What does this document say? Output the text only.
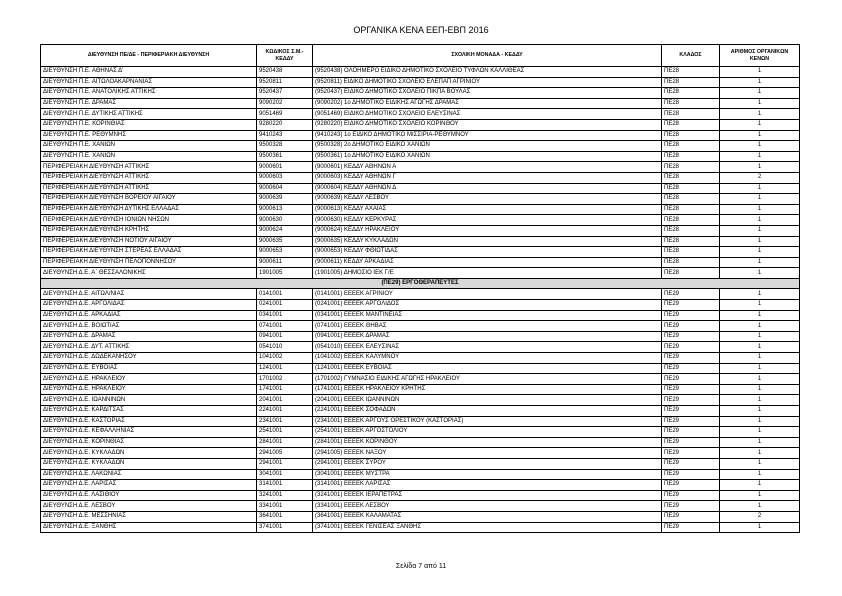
ΟΡΓΑΝΙΚΑ ΚΕΝΑ ΕΕΠ-ΕΒΠ 2016
ΔΙΕΥΘΥΝΣΗ ΠΕ/ΔΕ - ΠΕΡΙΦΕΡΙΑΚΗ ΔΙΕΥΘΥΝΣΗ	ΚΩΔΙΚΟΣ Σ.Μ.-ΚΕΔΔΥ	ΣΧΟΛΙΚΗ ΜΟΝΑΔΑ - ΚΕΔΔΥ	ΚΛΑΔΟΣ	ΑΡΙΘΜΟΣ ΟΡΓΑΝΙΚΩΝ ΚΕΝΩΝ
ΔΙΕΥΘΥΝΣΗ Π.Ε. ΑΘΗΝΑΣ Δ'	9520438	(9520438) ΟΛΟΗΜΕΡΟ ΕΙΔΙΚΟ ΔΗΜΟΤΙΚΟ ΣΧΟΛΕΙΟ ΤΥΦΛΩΝ ΚΑΛΛΙΘΕΑΣ	ΠΕ28	1
ΔΙΕΥΘΥΝΣΗ Π.Ε. ΑΙΤΩΛΟΑΚΑΡΝΑΝΙΑΣ	9520811	(9520811) ΕΙΔΙΚΟ ΔΗΜΟΤΙΚΟ ΣΧΟΛΕΙΟ ΕΛΕΠΑΠ ΑΓΡΙΝΙΟΥ	ΠΕ28	1
ΔΙΕΥΘΥΝΣΗ Π.Ε. ΑΝΑΤΟΛΙΚΗΣ ΑΤΤΙΚΗΣ	9520437	(9520437) ΕΙΔΙΚΟ ΔΗΜΟΤΙΚΟ ΣΧΟΛΕΙΟ ΠΙΚΠΑ ΒΟΥΛΑΣ	ΠΕ28	1
ΔΙΕΥΘΥΝΣΗ Π.Ε. ΔΡΑΜΑΣ	9090202	(9090202) 1ο ΔΗΜΟΤΙΚΟ ΕΙΔΙΚΗΣ ΑΓΩΓΗΣ ΔΡΑΜΑΣ	ΠΕ28	1
ΔΙΕΥΘΥΝΣΗ Π.Ε. ΔΥΤΙΚΗΣ ΑΤΤΙΚΗΣ	9051469	(9051469) ΕΙΔΙΚΟ ΔΗΜΟΤΙΚΟ ΣΧΟΛΕΙΟ ΕΛΕΥΣΙΝΑΣ	ΠΕ28	1
ΔΙΕΥΘΥΝΣΗ Π.Ε. ΚΟΡΙΝΘΙΑΣ	9280220	(9280220) ΕΙΔΙΚΟ ΔΗΜΟΤΙΚΟ ΣΧΟΛΕΙΟ ΚΟΡΙΝΘΟΥ	ΠΕ28	1
ΔΙΕΥΘΥΝΣΗ Π.Ε. ΡΕΘΥΜΝΗΣ	9410243	(9410243) 1ο ΕΙΔΙΚΟ ΔΗΜΟΤΙΚΟ ΜΙΣΣΙΡΙΑ-ΡΕΘΥΜΝΟΥ	ΠΕ28	1
ΔΙΕΥΘΥΝΣΗ Π.Ε. ΧΑΝΙΩΝ	9500328	(9500328) 2ο ΔΗΜΟΤΙΚΟ ΕΙΔΙΚΟ ΧΑΝΙΩΝ	ΠΕ28	1
ΔΙΕΥΘΥΝΣΗ Π.Ε. ΧΑΝΙΩΝ	9500361	(9500361) 1ο ΔΗΜΟΤΙΚΟ ΕΙΔΙΚΟ ΧΑΝΙΩΝ	ΠΕ28	1
ΠΕΡΙΦΕΡΕΙΑΚΗ ΔΙΕΥΘΥΝΣΗ ΑΤΤΙΚΗΣ	9000601	(9000601) ΚΕΔΔΥ ΑΘΗΝΩΝ Α	ΠΕ28	1
ΠΕΡΙΦΕΡΕΙΑΚΗ ΔΙΕΥΘΥΝΣΗ ΑΤΤΙΚΗΣ	9000603	(9000603) ΚΕΔΔΥ ΑΘΗΝΩΝ Γ	ΠΕ28	2
ΠΕΡΙΦΕΡΕΙΑΚΗ ΔΙΕΥΘΥΝΣΗ ΑΤΤΙΚΗΣ	9000604	(9000604) ΚΕΔΔΥ ΑΘΗΝΩΝ Δ	ΠΕ28	1
ΠΕΡΙΦΕΡΕΙΑΚΗ ΔΙΕΥΘΥΝΣΗ ΒΟΡΕΙΟΥ ΑΙΓΑΙΟΥ	9000639	(9000639) ΚΕΔΔΥ ΛΕΣΒΟΥ	ΠΕ28	1
ΠΕΡΙΦΕΡΕΙΑΚΗ ΔΙΕΥΘΥΝΣΗ ΔΥΤΙΚΗΣ ΕΛΛΑΔΑΣ	9000613	(9000613) ΚΕΔΔΥ ΑΧΑΪΑΣ	ΠΕ28	1
ΠΕΡΙΦΕΡΕΙΑΚΗ ΔΙΕΥΘΥΝΣΗ ΙΟΝΙΩΝ ΝΗΣΩΝ	9000630	(9000630) ΚΕΔΔΥ ΚΕΡΚΥΡΑΣ	ΠΕ28	1
ΠΕΡΙΦΕΡΕΙΑΚΗ ΔΙΕΥΘΥΝΣΗ ΚΡΗΤΗΣ	9000624	(9000624) ΚΕΔΔΥ ΗΡΑΚΛΕΙΟΥ	ΠΕ28	1
ΠΕΡΙΦΕΡΕΙΑΚΗ ΔΙΕΥΘΥΝΣΗ ΝΟΤΙΟΥ ΑΙΓΑΙΟΥ	9000635	(9000635) ΚΕΔΔΥ ΚΥΚΛΑΔΩΝ	ΠΕ28	1
ΠΕΡΙΦΕΡΕΙΑΚΗ ΔΙΕΥΘΥΝΣΗ ΣΤΕΡΕΑΣ ΕΛΛΑΔΑΣ	9000653	(9000653) ΚΕΔΔΥ ΦΘΙΩΤΙΔΑΣ	ΠΕ28	1
ΠΕΡΙΦΕΡΕΙΑΚΗ ΔΙΕΥΘΥΝΣΗ ΠΕΛΟΠΟΝΝΗΣΟΥ	9000611	(9000611) ΚΕΔΔΥ ΑΡΚΑΔΙΑΣ	ΠΕ28	1
ΔΙΕΥΘΥΝΣΗ Δ.Ε. Α΄ ΘΕΣΣΑΛΟΝΙΚΗΣ	1901005	(1901005) ΔΗΜΟΣΙΟ ΙΕΚ Γ/Ε	ΠΕ28	1
(ΠΕ29) ΕΡΓΟΘΕΡΑΠΕΥΤΕΣ				
ΔΙΕΥΘΥΝΣΗ Δ.Ε. ΑΙΤΩΛ/ΝΙΑΣ	0141001	(0141001) ΕΕΕΕΚ ΑΓΡΙΝΙΟΥ	ΠΕ29	1
ΔΙΕΥΘΥΝΣΗ Δ.Ε. ΑΡΓΟΛΙΔΑΣ	0241001	(0241001) ΕΕΕΕΚ ΑΡΓΟΛΙΔΟΣ	ΠΕ29	1
ΔΙΕΥΘΥΝΣΗ Δ.Ε. ΑΡΚΑΔΙΑΣ	0341001	(0341001) ΕΕΕΕΚ ΜΑΝΤΙΝΕΙΑΣ	ΠΕ29	1
ΔΙΕΥΘΥΝΣΗ Δ.Ε. ΒΟΙΩΤΙΑΣ	0741001	(0741001) ΕΕΕΕΚ ΘΗΒΑΣ	ΠΕ29	1
ΔΙΕΥΘΥΝΣΗ Δ.Ε. ΔΡΑΜΑΣ	0941001	(0941001) ΕΕΕΕΚ ΔΡΑΜΑΣ	ΠΕ29	1
ΔΙΕΥΘΥΝΣΗ Δ.Ε. ΔΥΤ. ΑΤΤΙΚΗΣ	0541010	(0541010) ΕΕΕΕΚ ΕΛΕΥΣΙΝΑΣ	ΠΕ29	1
ΔΙΕΥΘΥΝΣΗ Δ.Ε. ΔΩΔΕΚΑΝΗΣΟΥ	1041002	(1041002) ΕΕΕΕΚ ΚΑΛΥΜΝΟΥ	ΠΕ29	1
ΔΙΕΥΘΥΝΣΗ Δ.Ε. ΕΥΒΟΙΑΣ	1241001	(1241001) ΕΕΕΕΚ ΕΥΒΟΙΑΣ	ΠΕ29	1
ΔΙΕΥΘΥΝΣΗ Δ.Ε. ΗΡΑΚΛΕΙΟΥ	1701002	(1701002) ΓΥΜΝΑΣΙΟ ΕΙΔΙΚΗΣ ΑΓΩΓΗΣ ΗΡΑΚΛΕΙΟΥ	ΠΕ29	1
ΔΙΕΥΘΥΝΣΗ Δ.Ε. ΗΡΑΚΛΕΙΟΥ	1741001	(1741001) ΕΕΕΕΚ ΗΡΑΚΛΕΙΟΥ ΚΡΗΤΗΣ	ΠΕ29	1
ΔΙΕΥΘΥΝΣΗ Δ.Ε. ΙΩΑΝΝΙΝΩΝ	2041001	(2041001) ΕΕΕΕΚ ΙΩΑΝΝΙΝΩΝ	ΠΕ29	1
ΔΙΕΥΘΥΝΣΗ Δ.Ε. ΚΑΡΔΙΤΣΑΣ	2241001	(2241001) ΕΕΕΕΚ ΣΟΦΑΔΩΝ	ΠΕ29	1
ΔΙΕΥΘΥΝΣΗ Δ.Ε. ΚΑΣΤΟΡΙΑΣ	2341001	(2341001) ΕΕΕΕΚ ΑΡΓΟΥΣ ΟΡΕΣΤΙΚΟΥ (ΚΑΣΤΟΡΙΑΣ)	ΠΕ29	1
ΔΙΕΥΘΥΝΣΗ Δ.Ε. ΚΕΦΑΛΛΗΝΙΑΣ	2541001	(2541001) ΕΕΕΕΚ ΑΡΓΟΣΤΟΛΙΟΥ	ΠΕ29	1
ΔΙΕΥΘΥΝΣΗ Δ.Ε. ΚΟΡΙΝΘΙΑΣ	2841001	(2841001) ΕΕΕΕΚ ΚΟΡΙΝΘΟΥ	ΠΕ29	1
ΔΙΕΥΘΥΝΣΗ Δ.Ε. ΚΥΚΛΑΔΩΝ	2941005	(2941005) ΕΕΕΕΚ ΝΑΞΟΥ	ΠΕ29	1
ΔΙΕΥΘΥΝΣΗ Δ.Ε. ΚΥΚΛΑΔΩΝ	2941001	(2941001) ΕΕΕΕΚ ΣΥΡΟΥ	ΠΕ29	1
ΔΙΕΥΘΥΝΣΗ Δ.Ε. ΛΑΚΩΝΙΑΣ	3041001	(3041001) ΕΕΕΕΚ ΜΥΣΤΡΑ	ΠΕ29	1
ΔΙΕΥΘΥΝΣΗ Δ.Ε. ΛΑΡΙΣΑΣ	3141001	(3141001) ΕΕΕΕΚ ΛΑΡΙΣΑΣ	ΠΕ29	1
ΔΙΕΥΘΥΝΣΗ Δ.Ε. ΛΑΣΙΘΙΟΥ	3241001	(3241001) ΕΕΕΕΚ ΙΕΡΑΠΕΤΡΑΣ	ΠΕ29	1
ΔΙΕΥΘΥΝΣΗ Δ.Ε. ΛΕΣΒΟΥ	3341001	(3341001) ΕΕΕΕΚ ΛΕΣΒΟΥ	ΠΕ29	1
ΔΙΕΥΘΥΝΣΗ Δ.Ε. ΜΕΣΣΗΝΙΑΣ	3641001	(3641001) ΕΕΕΕΚ ΚΑΛΑΜΑΤΑΣ	ΠΕ29	2
ΔΙΕΥΘΥΝΣΗ Δ.Ε. ΞΑΝΘΗΣ	3741001	(3741001) ΕΕΕΕΚ ΓΕΝΙΣΕΑΣ ΞΑΝΘΗΣ	ΠΕ29	1
Σελίδα 7 από 11
